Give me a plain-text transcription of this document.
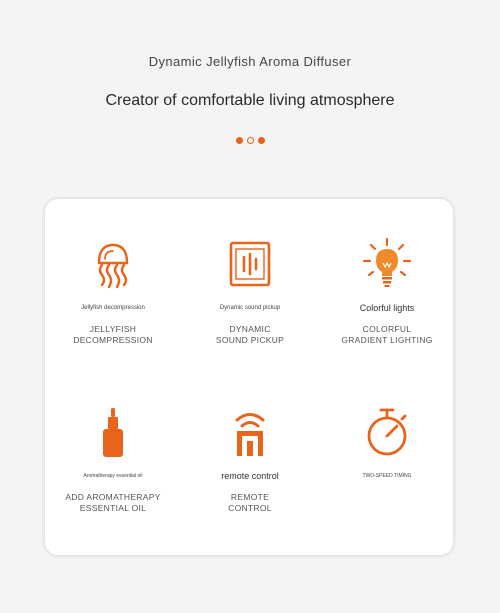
Dynamic Jellyfish Aroma Diffuser
Creator of comfortable living atmosphere
Jellyfish decompression
JELLYFISH
DECOMPRESSION
Dynamic sound pickup
DYNAMIC
SOUND PICKUP
Colorful lights
COLORFUL
GRADIENT LIGHTING
Aromatherapy essential oil
ADD AROMATHERAPY
ESSENTIAL OIL
remote control
REMOTE
CONTROL
TWO-SPEED TIMING
